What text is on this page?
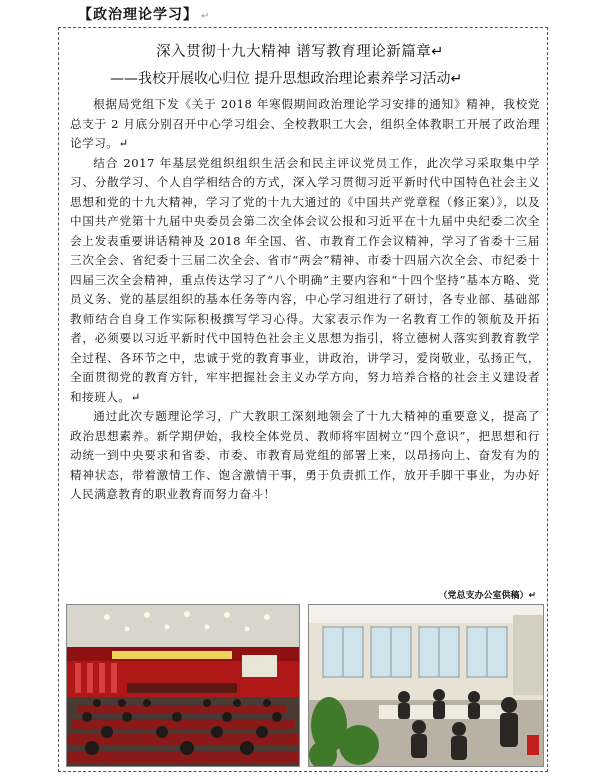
【政治理论学习】 ↵
深入贯彻十九大精神 谱写教育理论新篇章↵
——我校开展收心归位 提升思想政治理论素养学习活动↵

根据局党组下发《关于 2018 年寒假期间政治理论学习安排的通知》精神，我校党总支于 2 月底分别召开中心学习组会、全校教职工大会，组织全体教职工开展了政治理论学习。↵

结合 2017 年基层党组织组织生活会和民主评议党员工作，此次学习采取集中学习、分散学习、个人自学相结合的方式，深入学习贯彻习近平新时代中国特色社会主义思想和党的十九大精神，学习了党的十九大通过的《中国共产党章程（修正案）》，以及中国共产党第十九届中央委员会第二次全体会议公报和习近平在十九届中央纪委二次全会上发表重要讲话精神及 2018 年全国、省、市教育工作会议精神，学习了省委十三届三次全会、省纪委十三届二次全会、省市“两会”精神、市委十四届六次全会、市纪委十四届三次全会精神，重点传达学习了“八个明确”主要内容和“十四个坚持”基本方略、党员义务、党的基层组织的基本任务等内容，中心学习组进行了研讨，各专业部、基础部教师结合自身工作实际积极撰写学习心得。大家表示作为一名教育工作的领航及开拓者，必须要以习近平新时代中国特色社会主义思想为指引，将立德树人落实到教育教学全过程、各环节之中，忠诚于党的教育事业，讲政治，讲学习，爱岗敬业，弘扬正气，全面贯彻党的教育方针，牢牢把握社会主义办学方向，努力培养合格的社会主义建设者和接班人。↵

通过此次专题理论学习，广大教职工深刻地领会了十九大精神的重要意义，提高了政治思想素养。新学期伊始，我校全体党员、教师将牢固树立“四个意识”，把思想和行动统一到中央要求和省委、市委、市教育局党组的部署上来，以昂扬向上、奋发有为的精神状态，带着激情工作、饱含激情干事，勇于负责抓工作，放开手脚干事业，为办好人民满意教育的职业教育而努力奋斗！

（党总支办公室供稿）↵
